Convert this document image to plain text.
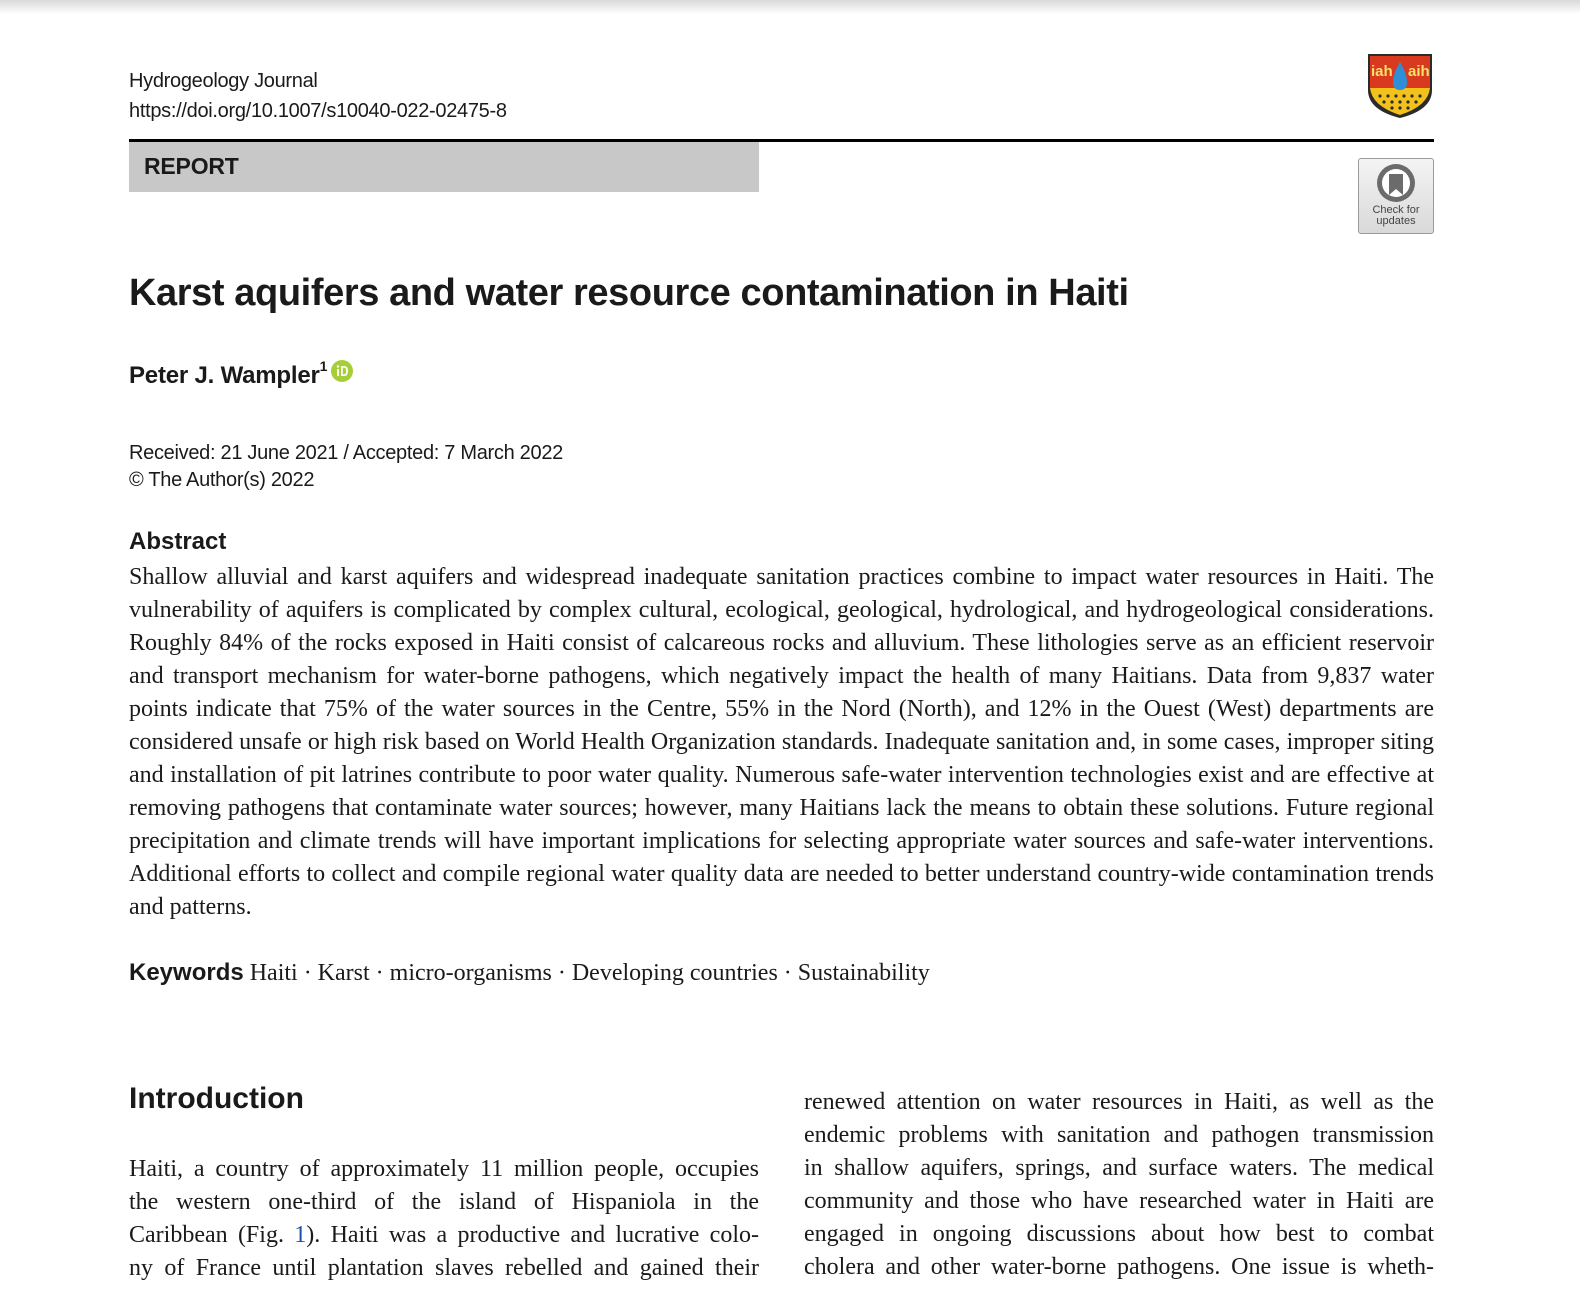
Hydrogeology Journal
https://doi.org/10.1007/s10040-022-02475-8
iah aih
REPORT
Check for updates
Karst aquifers and water resource contamination in Haiti
Peter J. Wampler$^1$
Received: 21 June 2021 / Accepted: 7 March 2022
© The Author(s) 2022
Abstract

Shallow alluvial and karst aquifers and widespread inadequate sanitation practices combine to impact water resources in Haiti. The vulnerability of aquifers is complicated by complex cultural, ecological, geological, hydrological, and hydrogeological considerations. Roughly 84% of the rocks exposed in Haiti consist of calcareous rocks and alluvium. These lithologies serve as an efficient reservoir and transport mechanism for water-borne pathogens, which negatively impact the health of many Haitians. Data from 9,837 water points indicate that 75% of the water sources in the Centre, 55% in the Nord (North), and 12% in the Ouest (West) departments are considered unsafe or high risk based on World Health Organization standards. Inadequate sanitation and, in some cases, improper siting and installation of pit latrines contribute to poor water quality. Numerous safe-water intervention technologies exist and are effective at removing pathogens that contaminate water sources; however, many Haitians lack the means to obtain these solutions. Future regional precipitation and climate trends will have important implications for selecting appropriate water sources and safe-water interventions. Additional efforts to collect and compile regional water quality data are needed to better understand country-wide contamination trends and patterns.

Keywords Haiti · Karst · micro-organisms · Developing countries · Sustainability
Introduction
Haiti, a country of approximately 11 million people, occupies
the western one-third of the island of Hispaniola in the
Caribbean (Fig. 1). Haiti was a productive and lucrative colo-
ny of France until plantation slaves rebelled and gained their
renewed attention on water resources in Haiti, as well as the
endemic problems with sanitation and pathogen transmission
in shallow aquifers, springs, and surface waters. The medical
community and those who have researched water in Haiti are
engaged in ongoing discussions about how best to combat
cholera and other water-borne pathogens. One issue is wheth-
